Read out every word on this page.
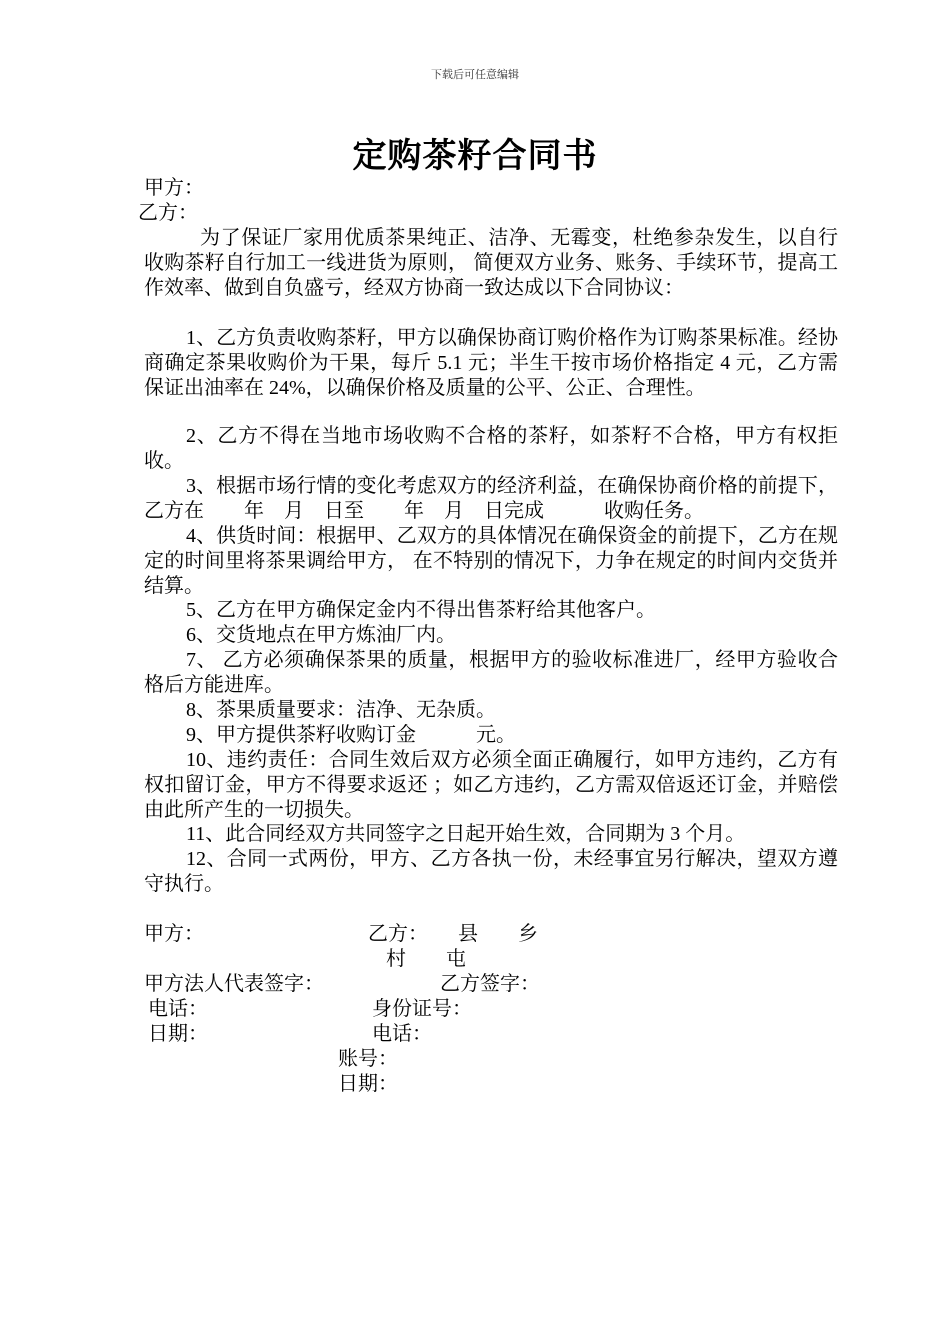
下载后可任意编辑
定购茶籽合同书
甲方：
乙方：
为了保证厂家用优质茶果纯正、洁净、无霉变，杜绝参杂发生，以自行收购茶籽自行加工一线进货为原则， 简便双方业务、账务、手续环节，提高工作效率、做到自负盛亏，经双方协商一致达成以下合同协议：
1、乙方负责收购茶籽，甲方以确保协商订购价格作为订购茶果标准。经协商确定茶果收购价为干果，每斤 5.1 元；半生干按市场价格指定 4 元，乙方需保证出油率在 24%，以确保价格及质量的公平、公正、合理性。
2、乙方不得在当地市场收购不合格的茶籽，如茶籽不合格，甲方有权拒收。
3、根据市场行情的变化考虑双方的经济利益，在确保协商价格的前提下，乙方在　　年　月　日至　　年　月　日完成　　　收购任务。
4、供货时间：根据甲、乙双方的具体情况在确保资金的前提下，乙方在规定的时间里将茶果调给甲方， 在不特别的情况下，力争在规定的时间内交货并结算。
5、乙方在甲方确保定金内不得出售茶籽给其他客户。
6、交货地点在甲方炼油厂内。
7、 乙方必须确保茶果的质量，根据甲方的验收标准进厂，经甲方验收合格后方能进库。
8、茶果质量要求：洁净、无杂质。
9、甲方提供茶籽收购订金　　　元。
10、违约责任：合同生效后双方必须全面正确履行，如甲方违约，乙方有权扣留订金，甲方不得要求返还 ；如乙方违约，乙方需双倍返还订金，并赔偿由此所产生的一切损失。
11、此合同经双方共同签字之日起开始生效，合同期为 3 个月。
12、合同一式两份，甲方、乙方各执一份，未经事宜另行解决，望双方遵守执行。
甲方：	乙方：　　县　　乡
村　　屯
甲方法人代表签字：	乙方签字：
电话：	身份证号：
日期：	电话：
账号：
日期：
